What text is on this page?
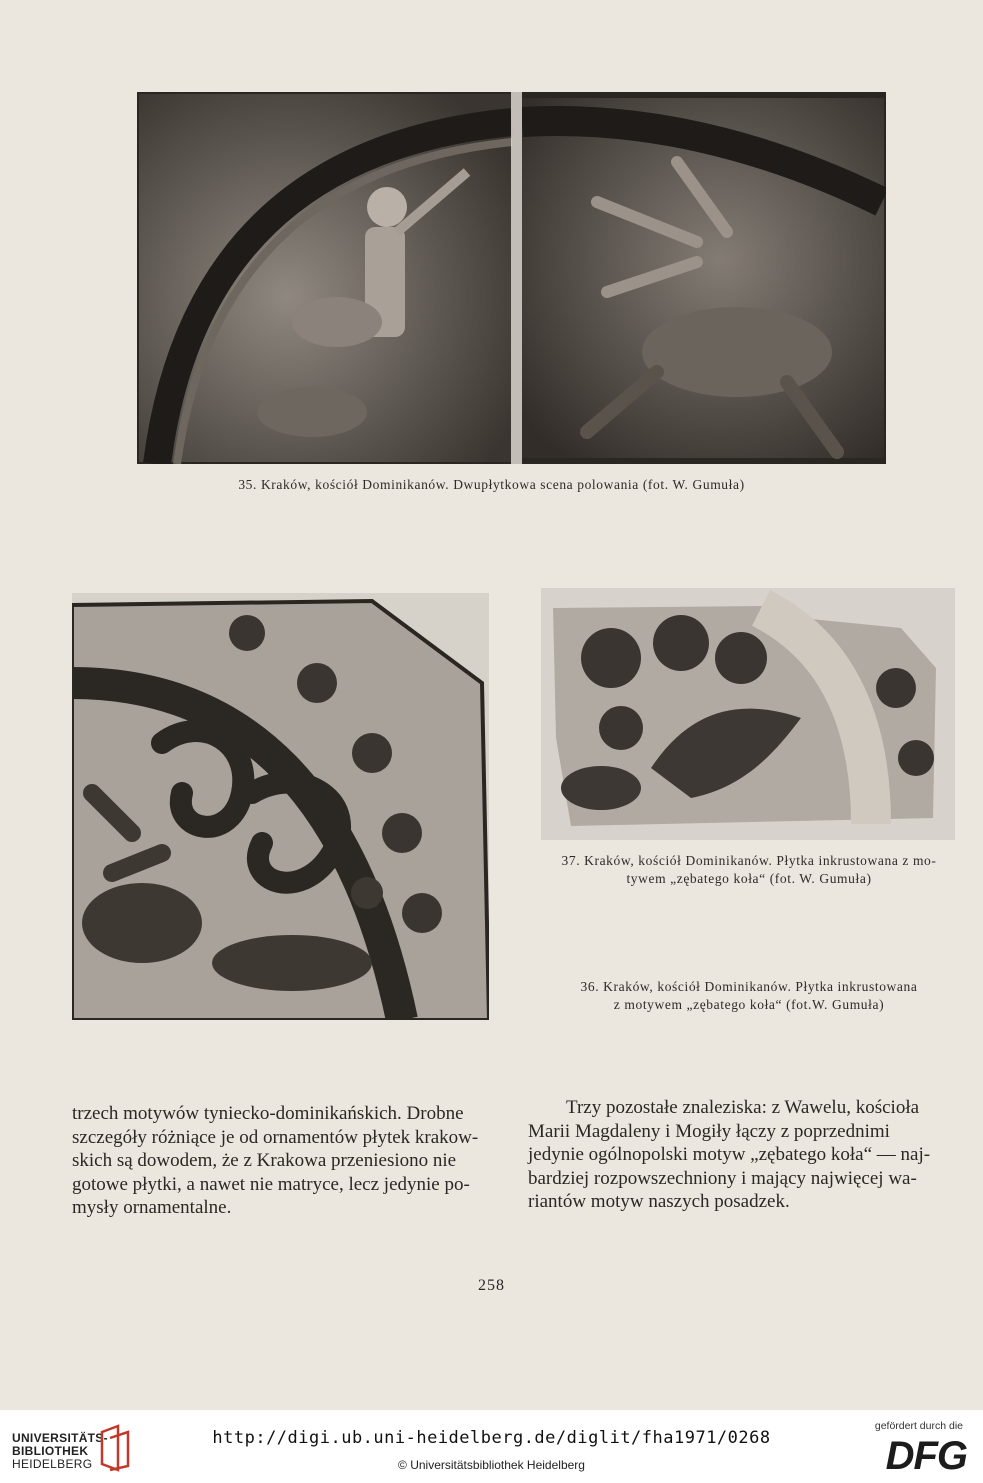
35. Kraków, kościół Dominikanów. Dwupłytkowa scena polowania (fot. W. Gumuła)
37. Kraków, kościół Dominikanów. Płytka inkrustowana z mo-
tywem „zębatego koła“ (fot. W. Gumuła)
36. Kraków, kościół Dominikanów. Płytka inkrustowana
z motywem „zębatego koła“ (fot.W. Gumuła)

trzech motywów tyniecko-dominikańskich. Drobne

szczegóły różniące je od ornamentów płytek krakow-

skich są dowodem, że z Krakowa przeniesiono nie

gotowe płytki, a nawet nie matryce, lecz jedynie po-

mysły ornamentalne.

Trzy pozostałe znaleziska: z Wawelu, kościoła

Marii Magdaleny i Mogiły łączy z poprzednimi

jedynie ogólnopolski motyw „zębatego koła“ — naj-

bardziej rozpowszechniony i mający najwięcej wa-

riantów motyw naszych posadzek.

258
UNIVERSITÄTS-
BIBLIOTHEK
HEIDELBERG
http://digi.ub.uni-heidelberg.de/diglit/fha1971/0268
© Universitätsbibliothek Heidelberg
gefördert durch die
DFG
